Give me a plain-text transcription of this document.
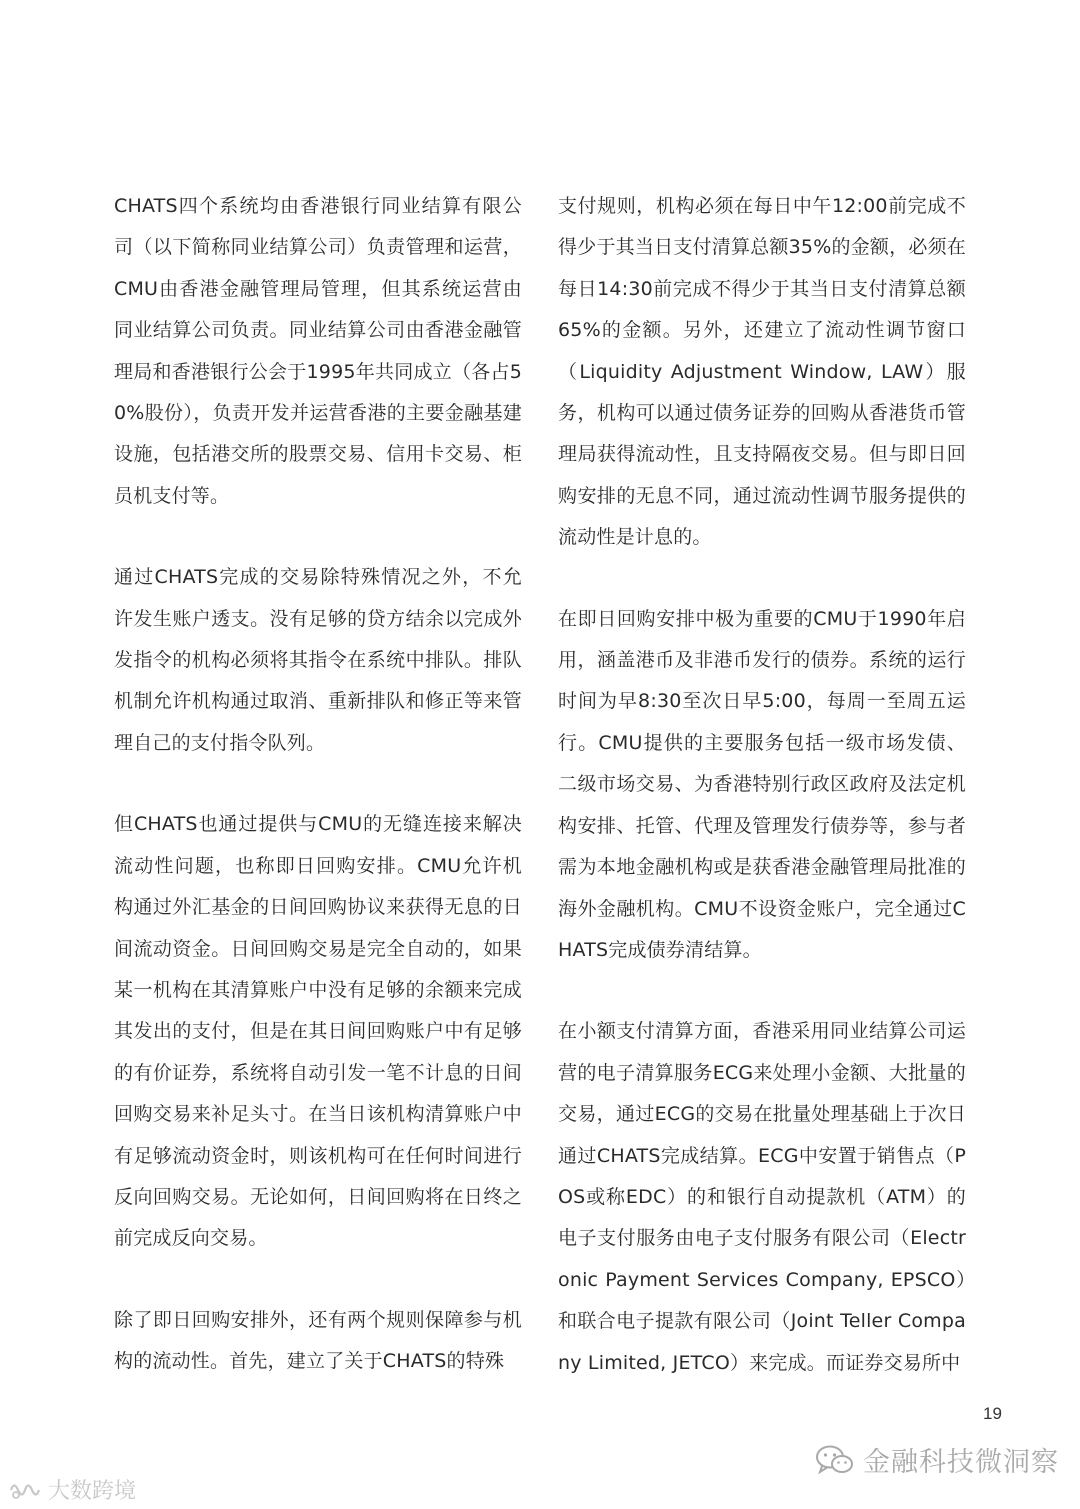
CHATS四个系统均由香港银行同业结算有限公司（以下简称同业结算公司）负责管理和运营，CMU由香港金融管理局管理，但其系统运营由同业结算公司负责。同业结算公司由香港金融管理局和香港银行公会于1995年共同成立（各占50%股份），负责开发并运营香港的主要金融基建设施，包括港交所的股票交易、信用卡交易、柜员机支付等。

通过CHATS完成的交易除特殊情况之外，不允许发生账户透支。没有足够的贷方结余以完成外发指令的机构必须将其指令在系统中排队。排队机制允许机构通过取消、重新排队和修正等来管理自己的支付指令队列。

但CHATS也通过提供与CMU的无缝连接来解决流动性问题，也称即日回购安排。CMU允许机构通过外汇基金的日间回购协议来获得无息的日间流动资金。日间回购交易是完全自动的，如果某一机构在其清算账户中没有足够的余额来完成其发出的支付，但是在其日间回购账户中有足够的有价证券，系统将自动引发一笔不计息的日间回购交易来补足头寸。在当日该机构清算账户中有足够流动资金时，则该机构可在任何时间进行反向回购交易。无论如何，日间回购将在日终之前完成反向交易。

除了即日回购安排外，还有两个规则保障参与机构的流动性。首先，建立了关于CHATS的特殊

支付规则，机构必须在每日中午12:00前完成不得少于其当日支付清算总额35%的金额，必须在每日14:30前完成不得少于其当日支付清算总额65%的金额。另外，还建立了流动性调节窗口（Liquidity Adjustment Window, LAW）服务，机构可以通过债务证券的回购从香港货币管理局获得流动性，且支持隔夜交易。但与即日回购安排的无息不同，通过流动性调节服务提供的流动性是计息的。

在即日回购安排中极为重要的CMU于1990年启用，涵盖港币及非港币发行的债券。系统的运行时间为早8:30至次日早5:00，每周一至周五运行。CMU提供的主要服务包括一级市场发债、二级市场交易、为香港特别行政区政府及法定机构安排、托管、代理及管理发行债券等，参与者需为本地金融机构或是获香港金融管理局批准的海外金融机构。CMU不设资金账户，完全通过CHATS完成债券清结算。

在小额支付清算方面，香港采用同业结算公司运营的电子清算服务ECG来处理小金额、大批量的交易，通过ECG的交易在批量处理基础上于次日通过CHATS完成结算。ECG中安置于销售点（POS或称EDC）的和银行自动提款机（ATM）的电子支付服务由电子支付服务有限公司（Electronic Payment Services Company, EPSCO）和联合电子提款有限公司（Joint Teller Company Limited, JETCO）来完成。而证券交易所中

19
大数跨境
金融科技微洞察
